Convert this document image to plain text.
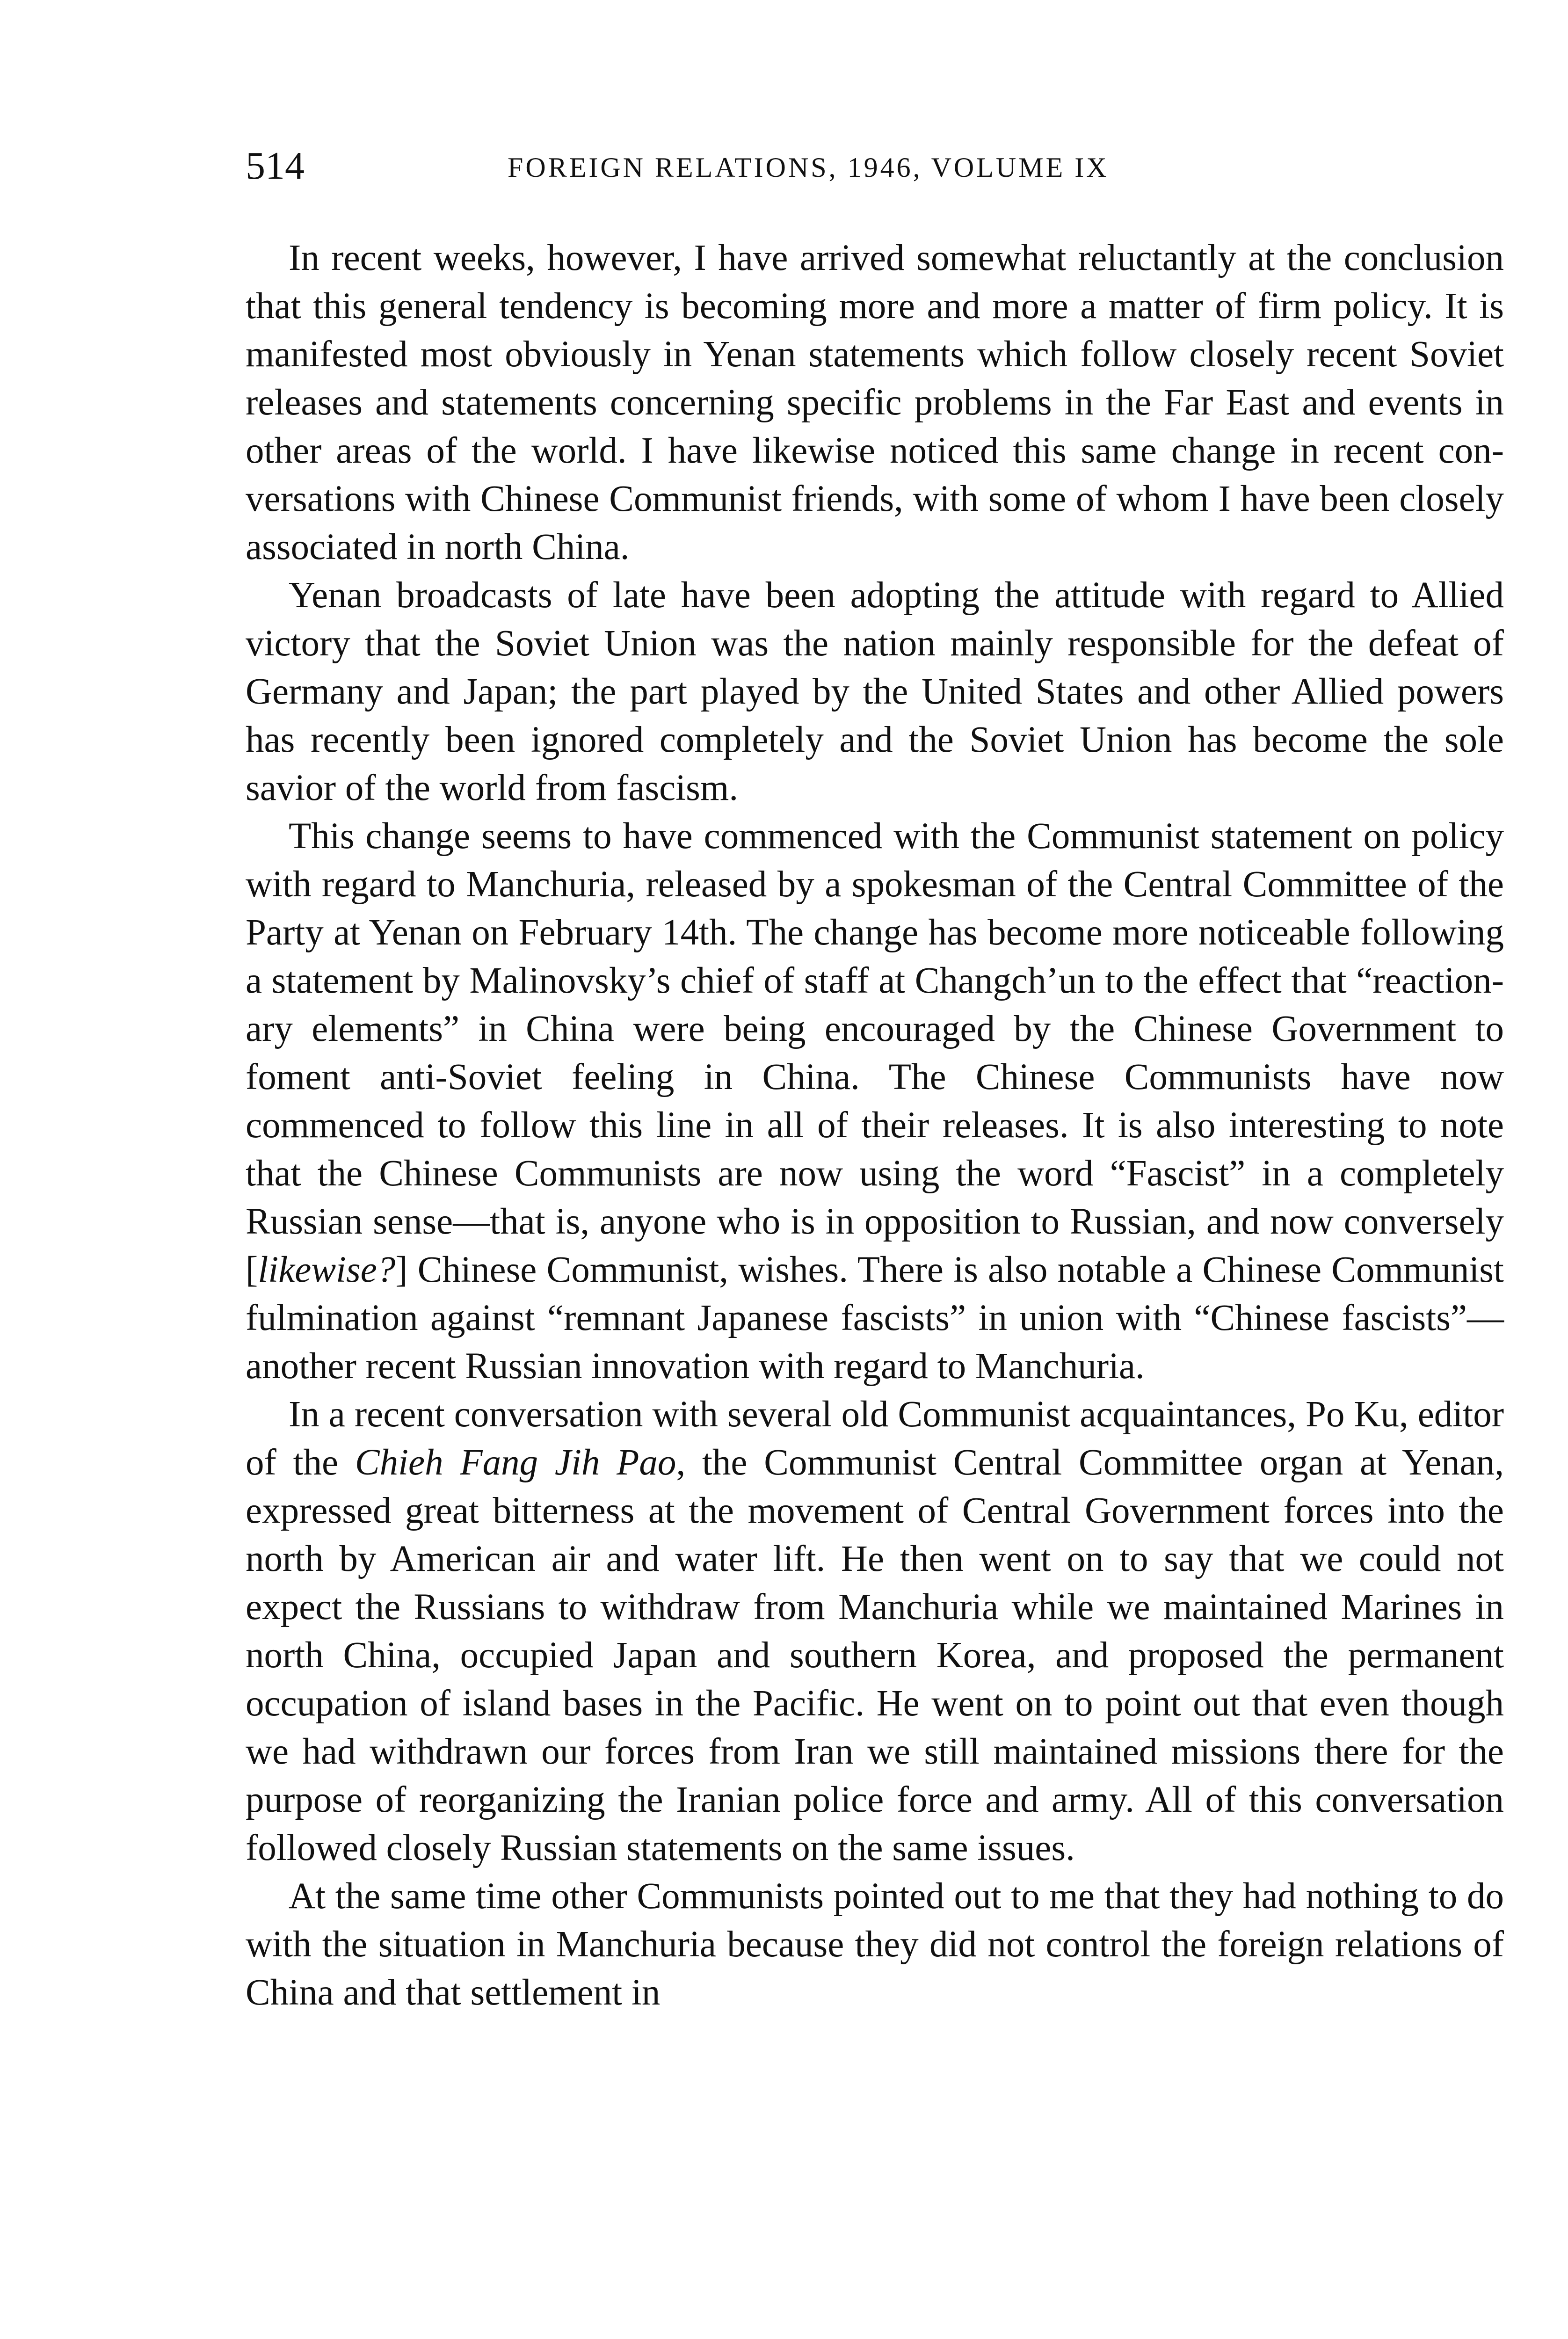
514	FOREIGN RELATIONS, 1946, VOLUME IX

In recent weeks, however, I have arrived somewhat reluctantly at the conclusion that this general tendency is becoming more and more a matter of firm policy. It is manifested most obviously in Yenan statements which follow closely recent Soviet releases and statements concerning specific problems in the Far East and events in other areas of the world. I have likewise noticed this same change in recent conversations with Chinese Communist friends, with some of whom I have been closely associated in north China.

Yenan broadcasts of late have been adopting the attitude with regard to Allied victory that the Soviet Union was the nation mainly responsible for the defeat of Germany and Japan; the part played by the United States and other Allied powers has recently been ignored completely and the Soviet Union has become the sole savior of the world from fascism.

This change seems to have commenced with the Communist statement on policy with regard to Manchuria, released by a spokesman of the Central Committee of the Party at Yenan on February 14th. The change has become more noticeable following a statement by Malinovsky’s chief of staff at Changch’un to the effect that “reactionary elements” in China were being encouraged by the Chinese Government to foment anti-Soviet feeling in China. The Chinese Communists have now commenced to follow this line in all of their releases. It is also interesting to note that the Chinese Communists are now using the word “Fascist” in a completely Russian sense—that is, anyone who is in opposition to Russian, and now conversely [likewise?] Chinese Communist, wishes. There is also notable a Chinese Communist fulmination against “remnant Japanese fascists” in union with “Chinese fascists”—another recent Russian innovation with regard to Manchuria.

In a recent conversation with several old Communist acquaintances, Po Ku, editor of the Chieh Fang Jih Pao, the Communist Central Committee organ at Yenan, expressed great bitterness at the movement of Central Government forces into the north by American air and water lift. He then went on to say that we could not expect the Russians to withdraw from Manchuria while we maintained Marines in north China, occupied Japan and southern Korea, and proposed the permanent occupation of island bases in the Pacific. He went on to point out that even though we had withdrawn our forces from Iran we still maintained missions there for the purpose of reorganizing the Iranian police force and army. All of this conversation followed closely Russian statements on the same issues.

At the same time other Communists pointed out to me that they had nothing to do with the situation in Manchuria because they did not control the foreign relations of China and that settlement in
